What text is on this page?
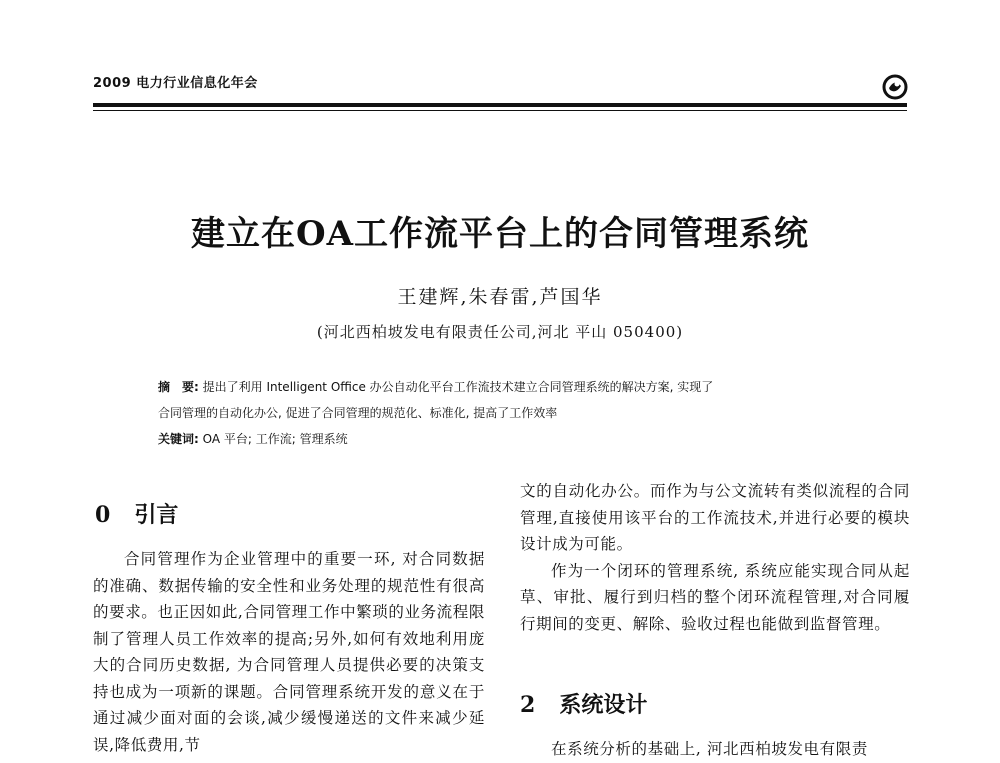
2009 电力行业信息化年会
建立在OA工作流平台上的合同管理系统
王建辉,朱春雷,芦国华
(河北西柏坡发电有限责任公司,河北 平山 050400)

摘　要: 提出了利用 Intelligent Office 办公自动化平台工作流技术建立合同管理系统的解决方案, 实现了

合同管理的自动化办公, 促进了合同管理的规范化、标准化, 提高了工作效率

关键词: OA 平台; 工作流; 管理系统

0 引言

合同管理作为企业管理中的重要一环, 对合同数据的准确、数据传输的安全性和业务处理的规范性有很高的要求。也正因如此,合同管理工作中繁琐的业务流程限制了管理人员工作效率的提高;另外,如何有效地利用庞大的合同历史数据, 为合同管理人员提供必要的决策支持也成为一项新的课题。合同管理系统开发的意义在于通过减少面对面的会谈,减少缓慢递送的文件来减少延误,降低费用,节

文的自动化办公。而作为与公文流转有类似流程的合同管理,直接使用该平台的工作流技术,并进行必要的模块设计成为可能。

作为一个闭环的管理系统, 系统应能实现合同从起草、审批、履行到归档的整个闭环流程管理,对合同履行期间的变更、解除、验收过程也能做到监督管理。

2 系统设计

在系统分析的基础上, 河北西柏坡发电有限责
